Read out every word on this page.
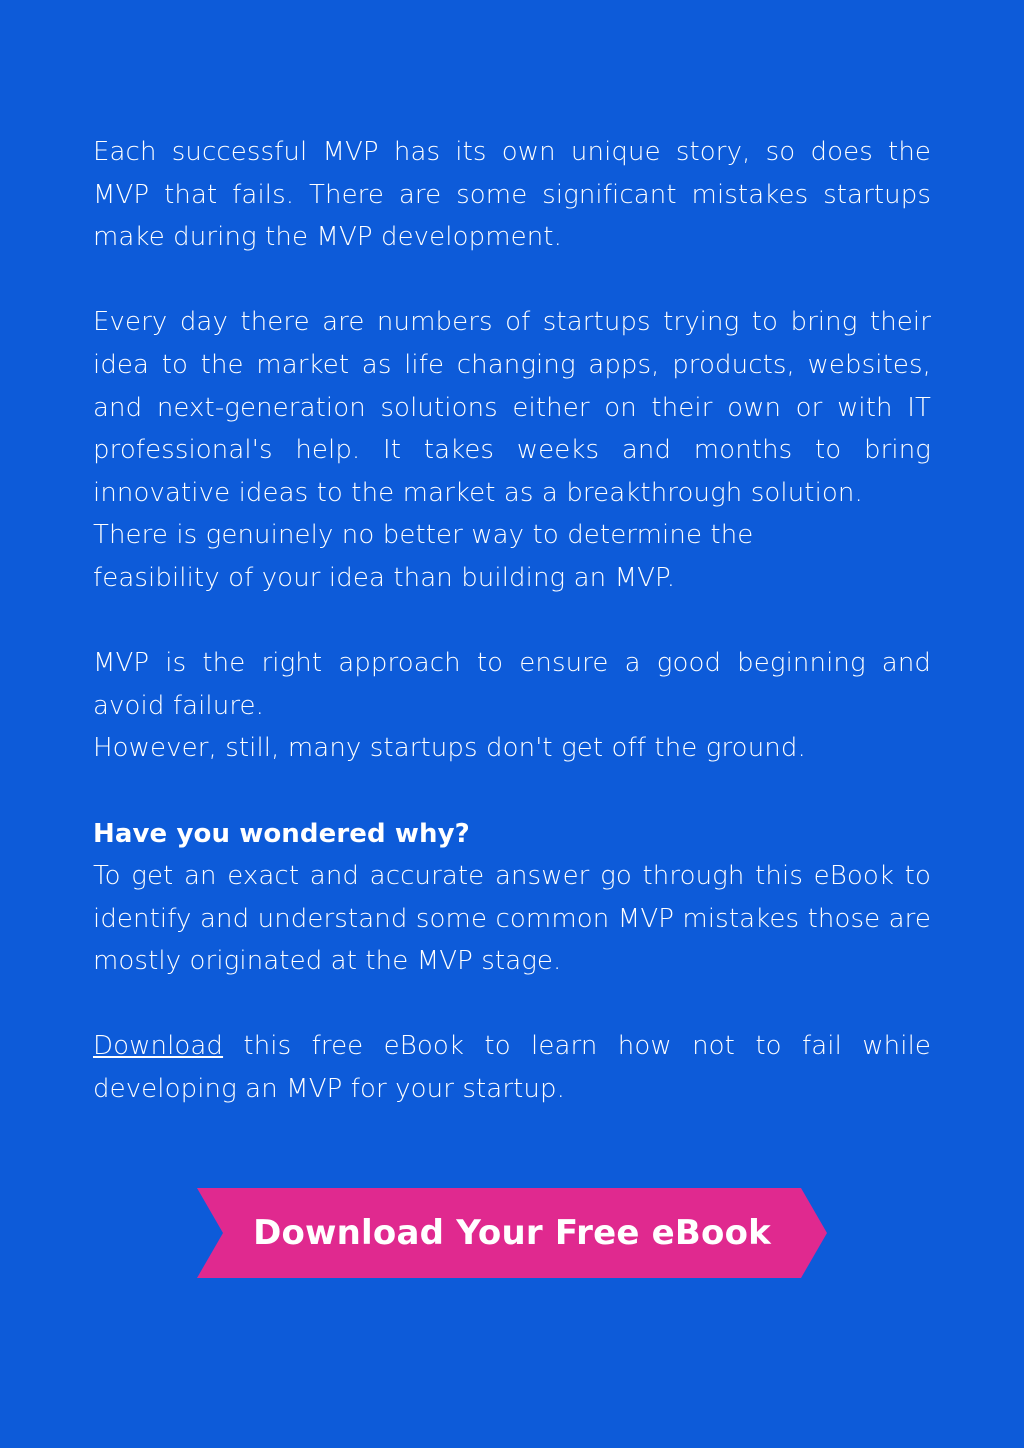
Each successful MVP has its own unique story, so does the
MVP that fails. There are some significant mistakes startups
make during the MVP development.
Every day there are numbers of startups trying to bring their
idea to the market as life changing apps, products, websites,
and next-generation solutions either on their own or with IT
professional's help. It takes weeks and months to bring
innovative ideas to the market as a breakthrough solution.
There is genuinely no better way to determine the
feasibility of your idea than building an MVP.
MVP is the right approach to ensure a good beginning and
avoid failure.
However, still, many startups don't get off the ground.
Have you wondered why?
To get an exact and accurate answer go through this eBook to
identify and understand some common MVP mistakes those are
mostly originated at the MVP stage.
Download this free eBook to learn how not to fail while
developing an MVP for your startup.
Download Your Free eBook
